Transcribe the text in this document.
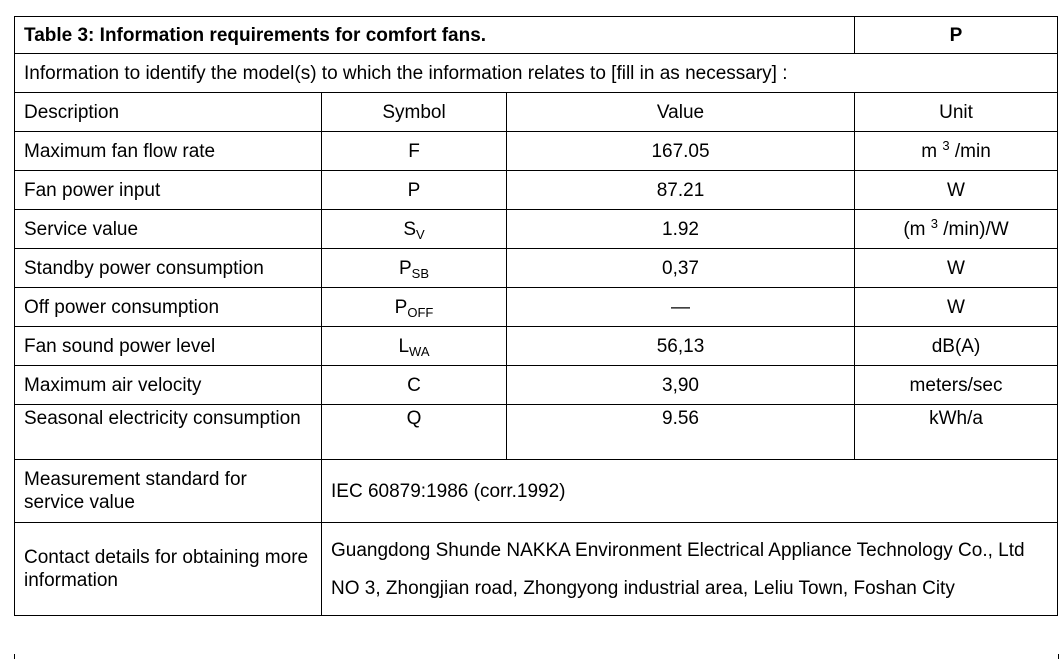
Table 3: Information requirements for comfort fans.			P
Information to identify the model(s) to which the information relates to [fill in as necessary] :			
Description	Symbol	Value	Unit
Maximum fan flow rate	F	167.05	m $^3$ /min
Fan power input	P	87.21	W
Service value	$S_V$	1.92	(m $^3$ /min)/W
Standby power consumption	$P_{SB}$	0,37	W
Off power consumption	$P_{OFF}$	—	W
Fan sound power level	$L_{WA}$	56,13	dB(A)
Maximum air velocity	C	3,90	meters/sec
Seasonal electricity consumption	Q	9.56	kWh/a
Measurement standard for service value	IEC 60879:1986 (corr.1992)		
Contact details for obtaining more information	Guangdong Shunde NAKKA Environment Electrical Appliance Technology Co., Ltd
NO 3, Zhongjian road, Zhongyong industrial area, Leliu Town, Foshan City		
